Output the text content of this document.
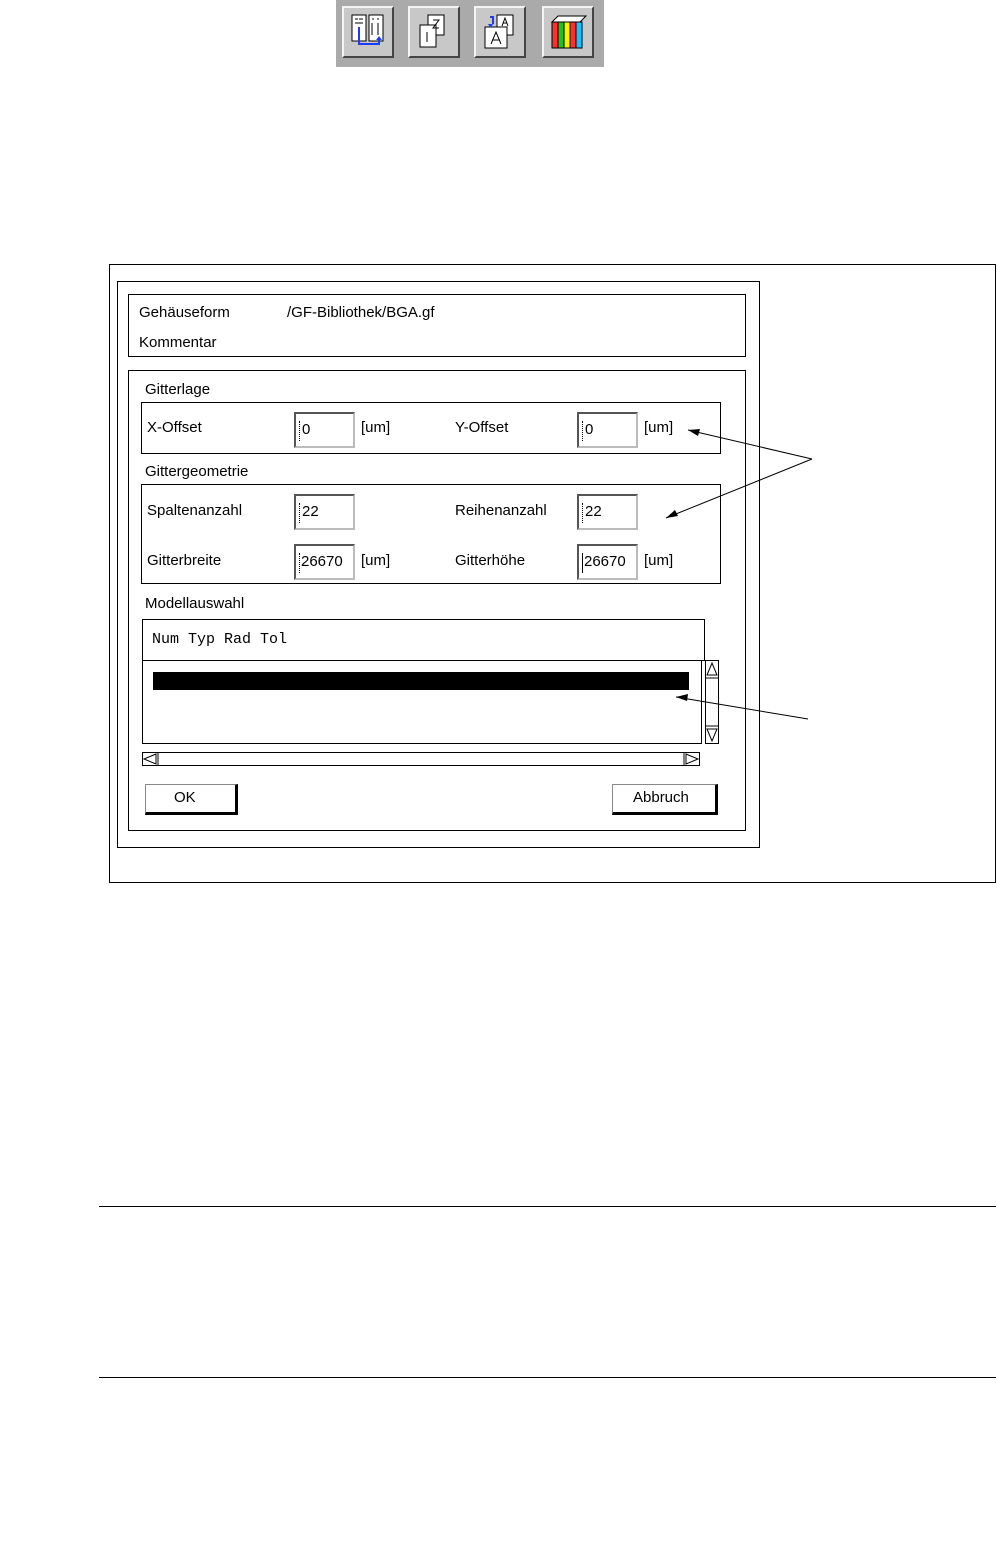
Gehäuseform	/GF-Bibliothek/BGA.gf
Kommentar
Gitterlage
X-Offset	0	[um]	Y-Offset	0	[um]
Gittergeometrie
Spaltenanzahl	22	Reihenanzahl	22
Gitterbreite	26670	[um]	Gitterhöhe	26670	[um]
Modellauswahl
Num Typ Rad Tol

1

Ans

375

OK	Abbruch
